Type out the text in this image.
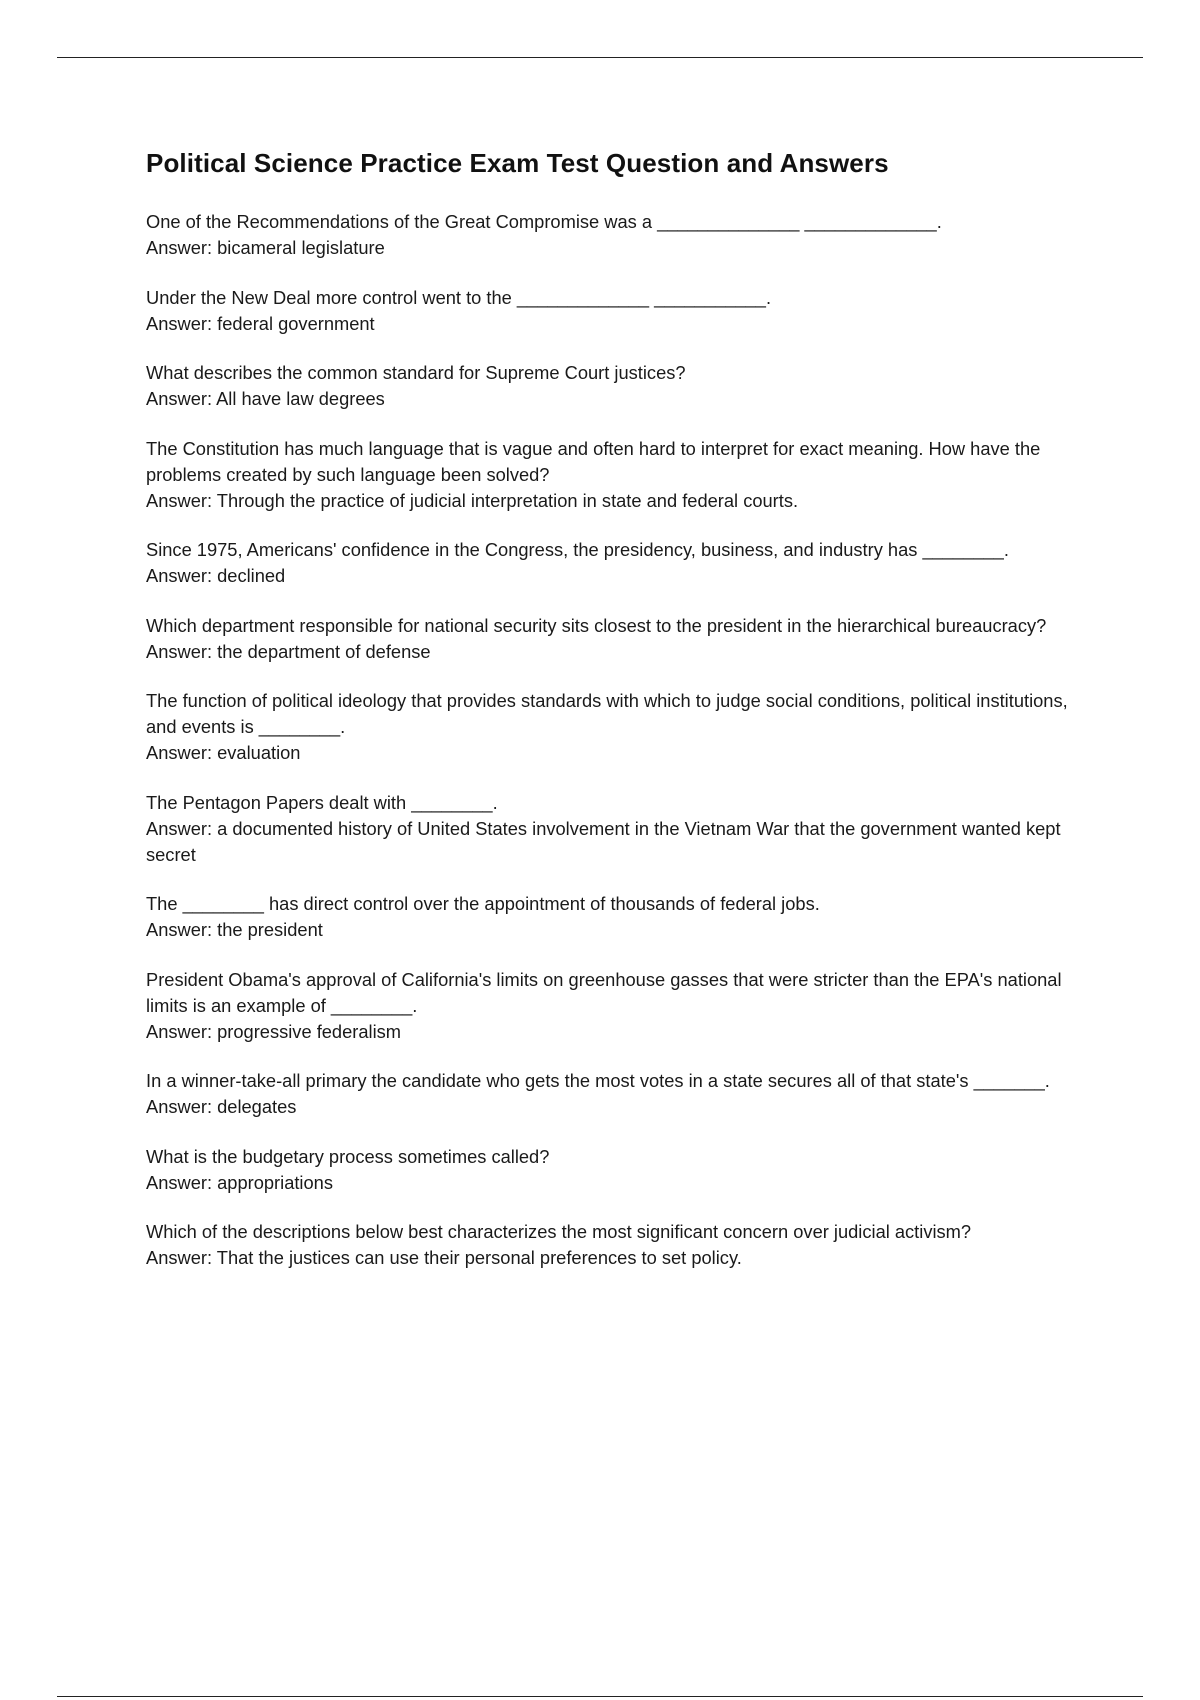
Political Science Practice Exam Test Question and Answers

One of the Recommendations of the Great Compromise was a ______________ _____________.

Answer: bicameral legislature

Under the New Deal more control went to the _____________ ___________.

Answer: federal government

What describes the common standard for Supreme Court justices?

Answer: All have law degrees

The Constitution has much language that is vague and often hard to interpret for exact meaning. How have the problems created by such language been solved?

Answer: Through the practice of judicial interpretation in state and federal courts.

Since 1975, Americans' confidence in the Congress, the presidency, business, and industry has ________.

Answer: declined

Which department responsible for national security sits closest to the president in the hierarchical bureaucracy?

Answer: the department of defense

The function of political ideology that provides standards with which to judge social conditions, political institutions, and events is ________.

Answer: evaluation

The Pentagon Papers dealt with ________.

Answer: a documented history of United States involvement in the Vietnam War that the government wanted kept secret

The ________ has direct control over the appointment of thousands of federal jobs.

Answer: the president

President Obama's approval of California's limits on greenhouse gasses that were stricter than the EPA's national limits is an example of ________.

Answer: progressive federalism

In a winner-take-all primary the candidate who gets the most votes in a state secures all of that state's _______.

Answer: delegates

What is the budgetary process sometimes called?

Answer: appropriations

Which of the descriptions below best characterizes the most significant concern over judicial activism?

Answer: That the justices can use their personal preferences to set policy.
